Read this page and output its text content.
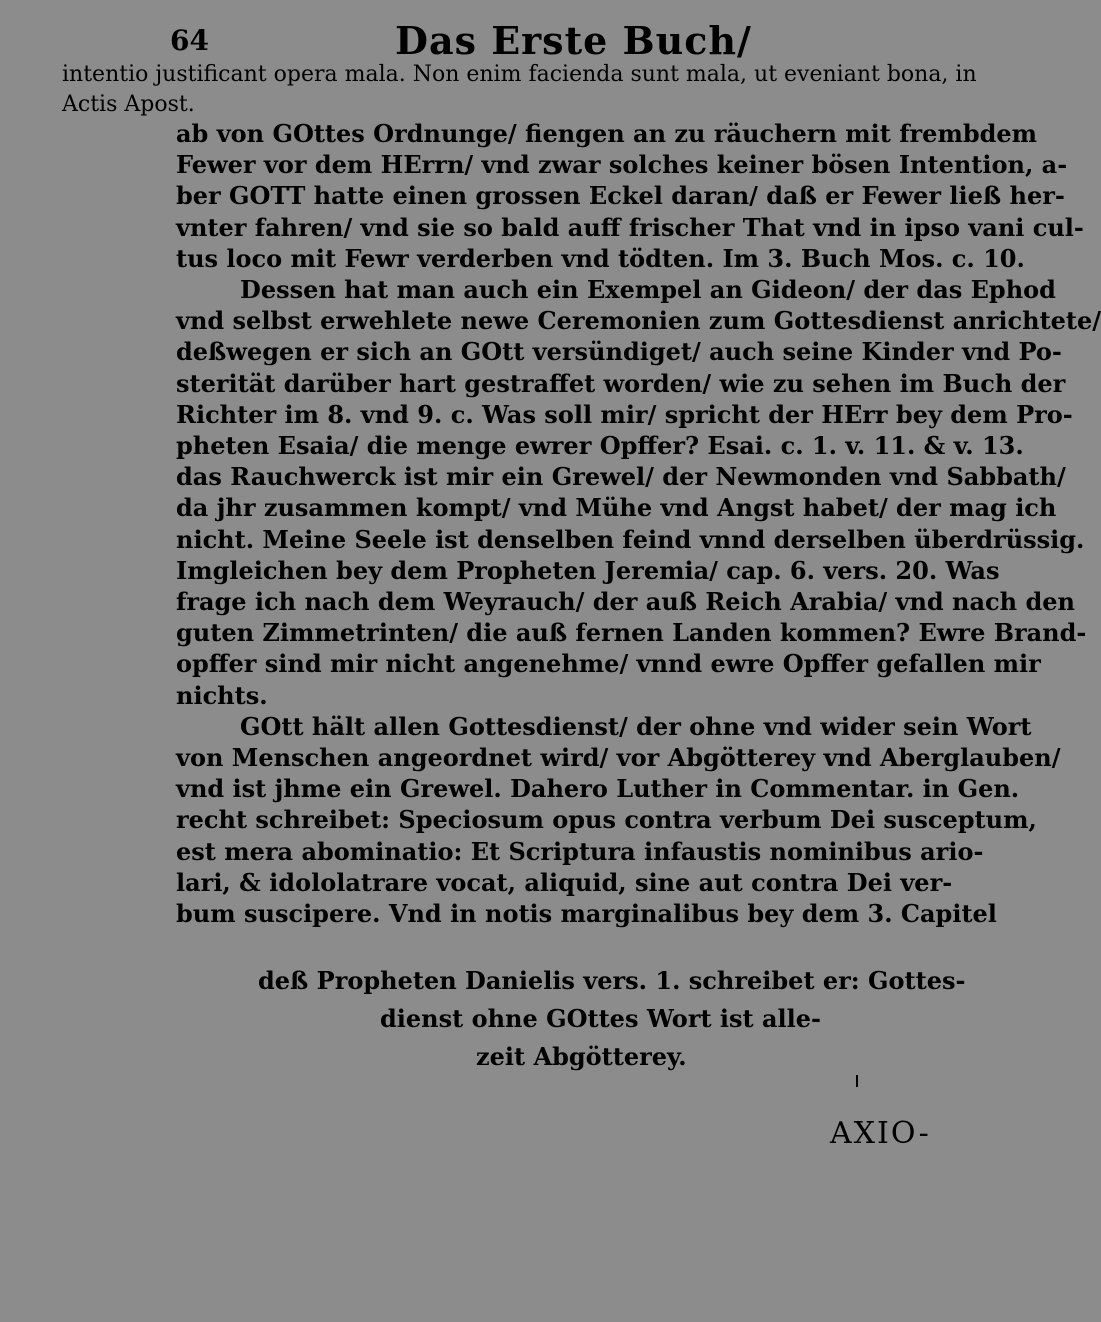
64	Das Erste Buch/
intentio justificant opera mala. Non enim facienda sunt mala, ut eveniant bona, in
Actis Apost.
ab von GOttes Ordnunge/ fiengen an zu räuchern mit frembdem
Fewer vor dem HErrn/ vnd zwar solches keiner bösen Intention, a-
ber GOTT hatte einen grossen Eckel daran/ daß er Fewer ließ her-
vnter fahren/ vnd sie so bald auff frischer That vnd in ipso vani cul-
tus loco mit Fewr verderben vnd tödten. Im 3. Buch Mos. c. 10.
Dessen hat man auch ein Exempel an Gideon/ der das Ephod
vnd selbst erwehlete newe Ceremonien zum Gottesdienst anrichtete/
deßwegen er sich an GOtt versündiget/ auch seine Kinder vnd Po-
sterität darüber hart gestraffet worden/ wie zu sehen im Buch der
Richter im 8. vnd 9. c. Was soll mir/ spricht der HErr bey dem Pro-
pheten Esaia/ die menge ewrer Opffer? Esai. c. 1. v. 11. & v. 13.
das Rauchwerck ist mir ein Grewel/ der Newmonden vnd Sabbath/
da jhr zusammen kompt/ vnd Mühe vnd Angst habet/ der mag ich
nicht. Meine Seele ist denselben feind vnnd derselben überdrüssig.
Imgleichen bey dem Propheten Jeremia/ cap. 6. vers. 20. Was
frage ich nach dem Weyrauch/ der auß Reich Arabia/ vnd nach den
guten Zimmetrinten/ die auß fernen Landen kommen? Ewre Brand-
opffer sind mir nicht angenehme/ vnnd ewre Opffer gefallen mir
nichts.
GOtt hält allen Gottesdienst/ der ohne vnd wider sein Wort
von Menschen angeordnet wird/ vor Abgötterey vnd Aberglauben/
vnd ist jhme ein Grewel. Dahero Luther in Commentar. in Gen.
recht schreibet: Speciosum opus contra verbum Dei susceptum,
est mera abominatio: Et Scriptura infaustis nominibus ario-
lari, & idololatrare vocat, aliquid, sine aut contra Dei ver-
bum suscipere. Vnd in notis marginalibus bey dem 3. Capitel
deß Propheten Danielis vers. 1. schreibet er: Gottes-
dienst ohne GOttes Wort ist alle-
zeit Abgötterey.
AXIO-
